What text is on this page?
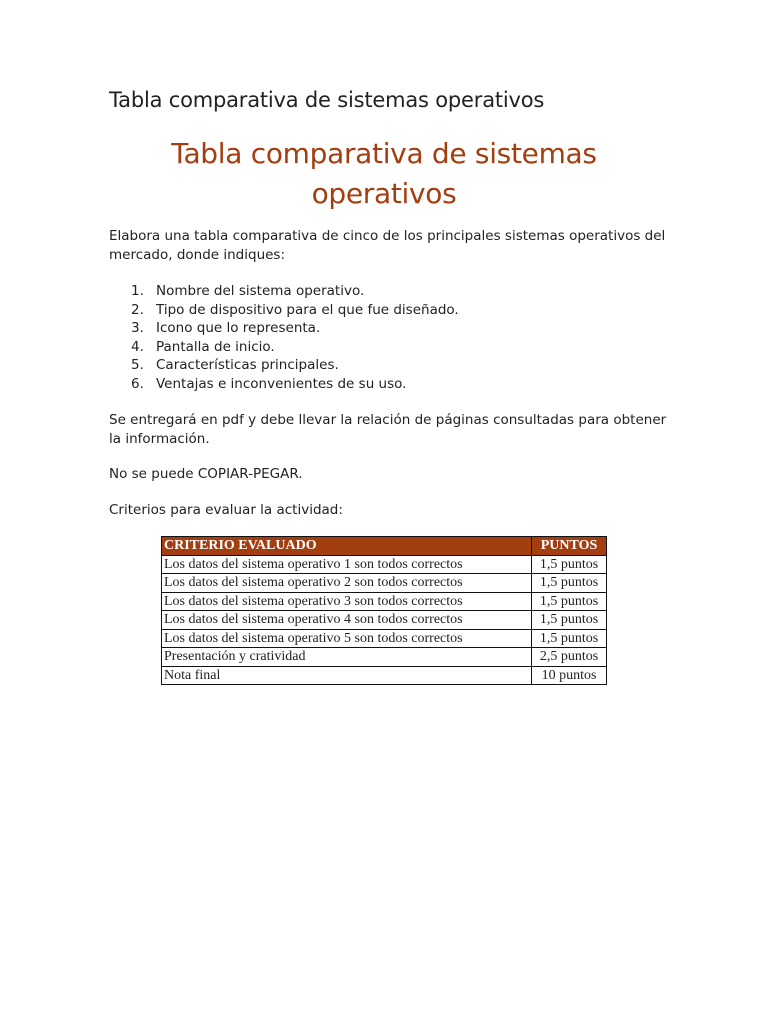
Tabla comparativa de sistemas operativos
Tabla comparativa de sistemas
operativos

Elabora una tabla comparativa de cinco de los principales sistemas operativos del mercado, donde indiques:

1. Nombre del sistema operativo.
2. Tipo de dispositivo para el que fue diseñado.
3. Icono que lo representa.
4. Pantalla de inicio.
5. Características principales.
6. Ventajas e inconvenientes de su uso.

Se entregará en pdf y debe llevar la relación de páginas consultadas para obtener la información.

No se puede COPIAR-PEGAR.

Criterios para evaluar la actividad:

CRITERIO EVALUADO	PUNTOS
Los datos del sistema operativo 1 son todos correctos	1,5 puntos
Los datos del sistema operativo 2 son todos correctos	1,5 puntos
Los datos del sistema operativo 3 son todos correctos	1,5 puntos
Los datos del sistema operativo 4 son todos correctos	1,5 puntos
Los datos del sistema operativo 5 son todos correctos	1,5 puntos
Presentación y cratividad	2,5 puntos
Nota final	10 puntos
